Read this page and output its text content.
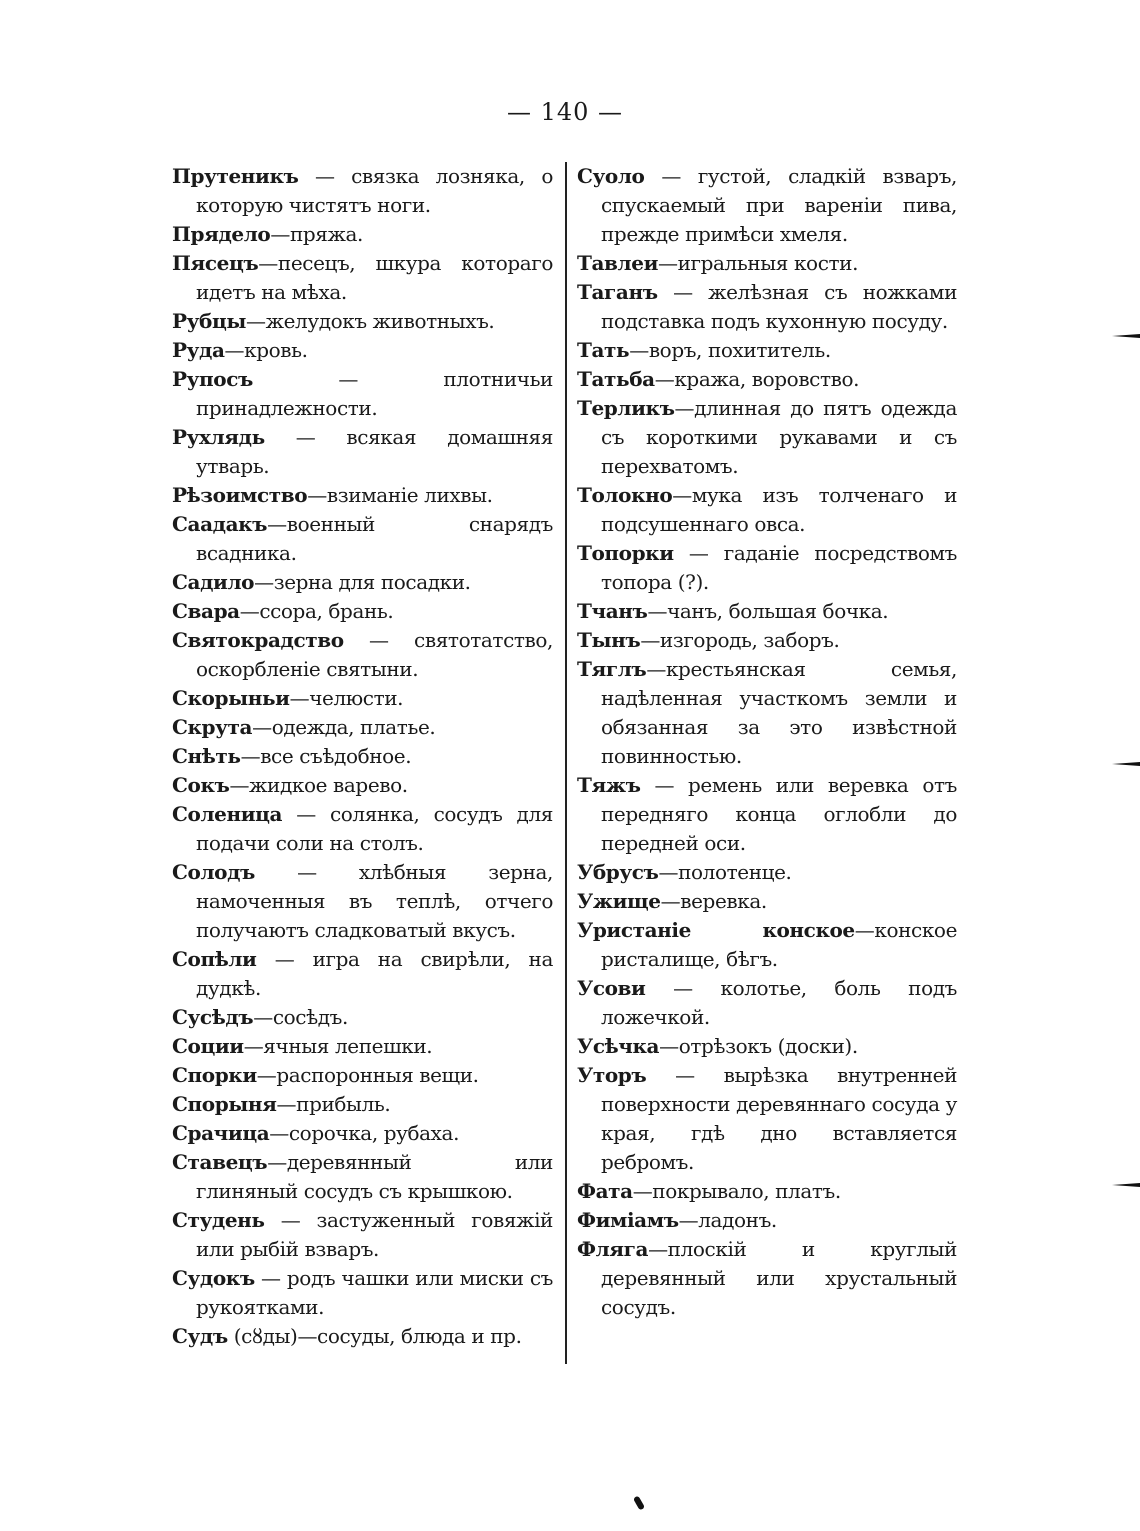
— 140 —

Прутеникъ — связка лозняка, о которую чистятъ ноги.

Прядело—пряжа.

Пясецъ—песецъ, шкура котораго идетъ на мѣха.

Рубцы—желудокъ животныхъ.

Руда—кровь.

Рупосъ — плотничьи принадлежности.

Рухлядь — всякая домашняя утварь.

Рѣзоимство—взиманіе лихвы.

Саадакъ—военный снарядъ всадника.

Садило—зерна для посадки.

Свара—ссора, брань.

Святокрадство — святотатство, оскорбленіе святыни.

Скорыньи—челюсти.

Скрута—одежда, платье.

Снѣть—все съѣдобное.

Сокъ—жидкое варево.

Соленица — солянка, сосудъ для подачи соли на столъ.

Солодъ — хлѣбныя зерна, намоченныя въ теплѣ, отчего получаютъ сладковатый вкусъ.

Сопѣли — игра на свирѣли, на дудкѣ.

Сусѣдъ—сосѣдъ.

Соции—ячныя лепешки.

Спорки—распоронныя вещи.

Спорыня—прибыль.

Срачица—сорочка, рубаха.

Ставецъ—деревянный или глиняный сосудъ съ крышкою.

Студень — застуженный говяжій или рыбій взваръ.

Судокъ — родъ чашки или миски съ рукоятками.

Судъ (сȣды)—сосуды, блюда и пр.

Суоло — густой, сладкій взваръ, спускаемый при вареніи пива, прежде примѣси хмеля.

Тавлеи—игральныя кости.

Таганъ — желѣзная съ ножками подставка подъ кухонную посуду.

Тать—воръ, похититель.

Татьба—кража, воровство.

Терликъ—длинная до пятъ одежда съ короткими рукавами и съ перехватомъ.

Толокно—мука изъ толченаго и подсушеннаго овса.

Топорки — гаданіе посредствомъ топора (?).

Тчанъ—чанъ, большая бочка.

Тынъ—изгородь, заборъ.

Тяглъ—крестьянская семья, надѣленная участкомъ земли и обязанная за это извѣстной повинностью.

Тяжъ — ремень или веревка отъ передняго конца оглобли до передней оси.

Убрусъ—полотенце.

Ужище—веревка.

Уристаніе конское—конское ристалище, бѣгъ.

Усови — колотье, боль подъ ложечкой.

Усѣчка—отрѣзокъ (доски).

Уторъ — вырѣзка внутренней поверхности деревяннаго сосуда у края, гдѣ дно вставляется ребромъ.

Фата—покрывало, платъ.

Фиміамъ—ладонъ.

Фляга—плоскій и круглый деревянный или хрустальный сосудъ.
